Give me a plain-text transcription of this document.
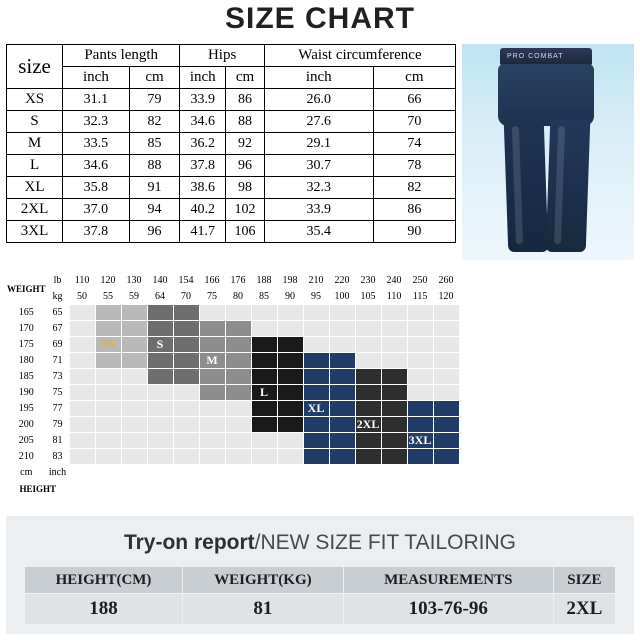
SIZE CHART
size	Pants length		Hips		Waist circumference	
	inch	cm	inch	cm	inch	cm
XS	31.1	79	33.9	86	26.0	66
S	32.3	82	34.6	88	27.6	70
M	33.5	85	36.2	92	29.1	74
L	34.6	88	37.8	96	30.7	78
XL	35.8	91	38.6	98	32.3	82
2XL	37.0	94	40.2	102	33.9	86
3XL	37.8	96	41.7	106	35.4	90
PRO COMBAT
WEIGHT	lb	110	120	130	140	154	166	176	188	198	210	220	230	240	250	260
	kg	50	55	59	64	70	75	80	85	90	95	100	105	110	115	120
165	65															
170	67															
175	69		XS		S											
180	71						M									
185	73															
190	75								L							
195	77										XL					
200	79												2XL			
205	81														3XL	
210	83															
cm	inch															
HEIGHT																
Try-on report/NEW SIZE FIT TAILORING
HEIGHT(CM)	WEIGHT(KG)	MEASUREMENTS	SIZE
188	81	103-76-96	2XL
